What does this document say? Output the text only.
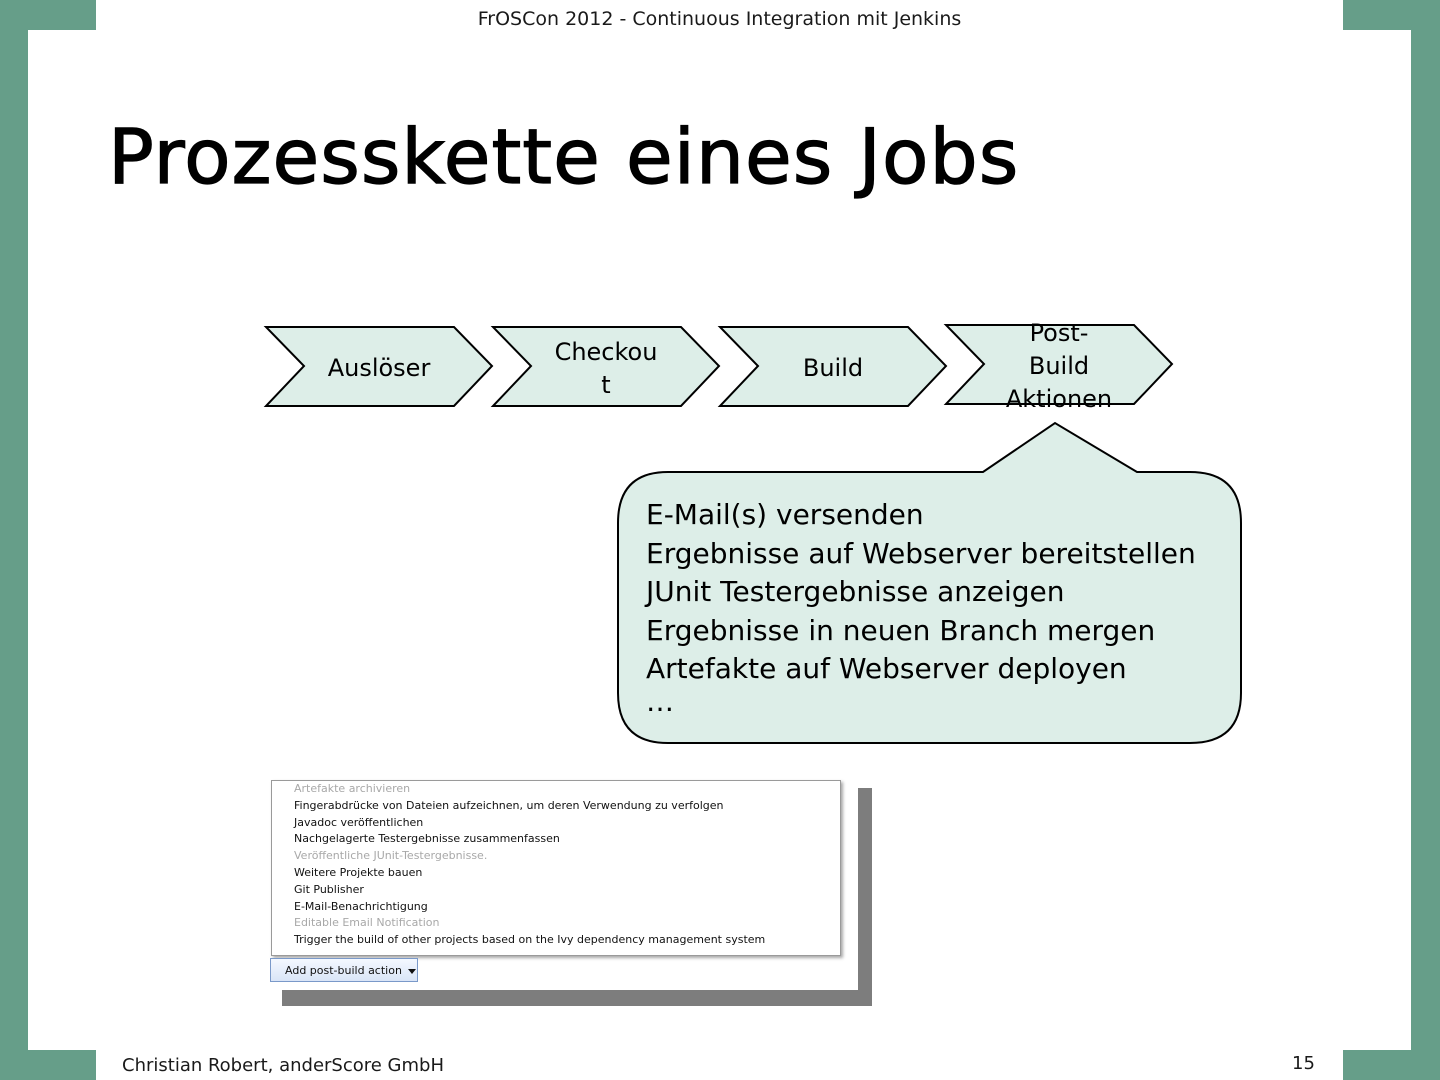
FrOSCon 2012 - Continuous Integration mit Jenkins
Prozesskette eines Jobs
Auslöser
Checkou
t
Build
Post-
Build
Aktionen
E-Mail(s) versenden
Ergebnisse auf Webserver bereitstellen
JUnit Testergebnisse anzeigen
Ergebnisse in neuen Branch mergen
Artefakte auf Webserver deployen
…
Artefakte archivieren
Fingerabdrücke von Dateien aufzeichnen, um deren Verwendung zu verfolgen
Javadoc veröffentlichen
Nachgelagerte Testergebnisse zusammenfassen
Veröffentliche JUnit-Testergebnisse.
Weitere Projekte bauen
Git Publisher
E-Mail-Benachrichtigung
Editable Email Notification
Trigger the build of other projects based on the Ivy dependency management system
Add post-build action
Christian Robert, anderScore GmbH	15
